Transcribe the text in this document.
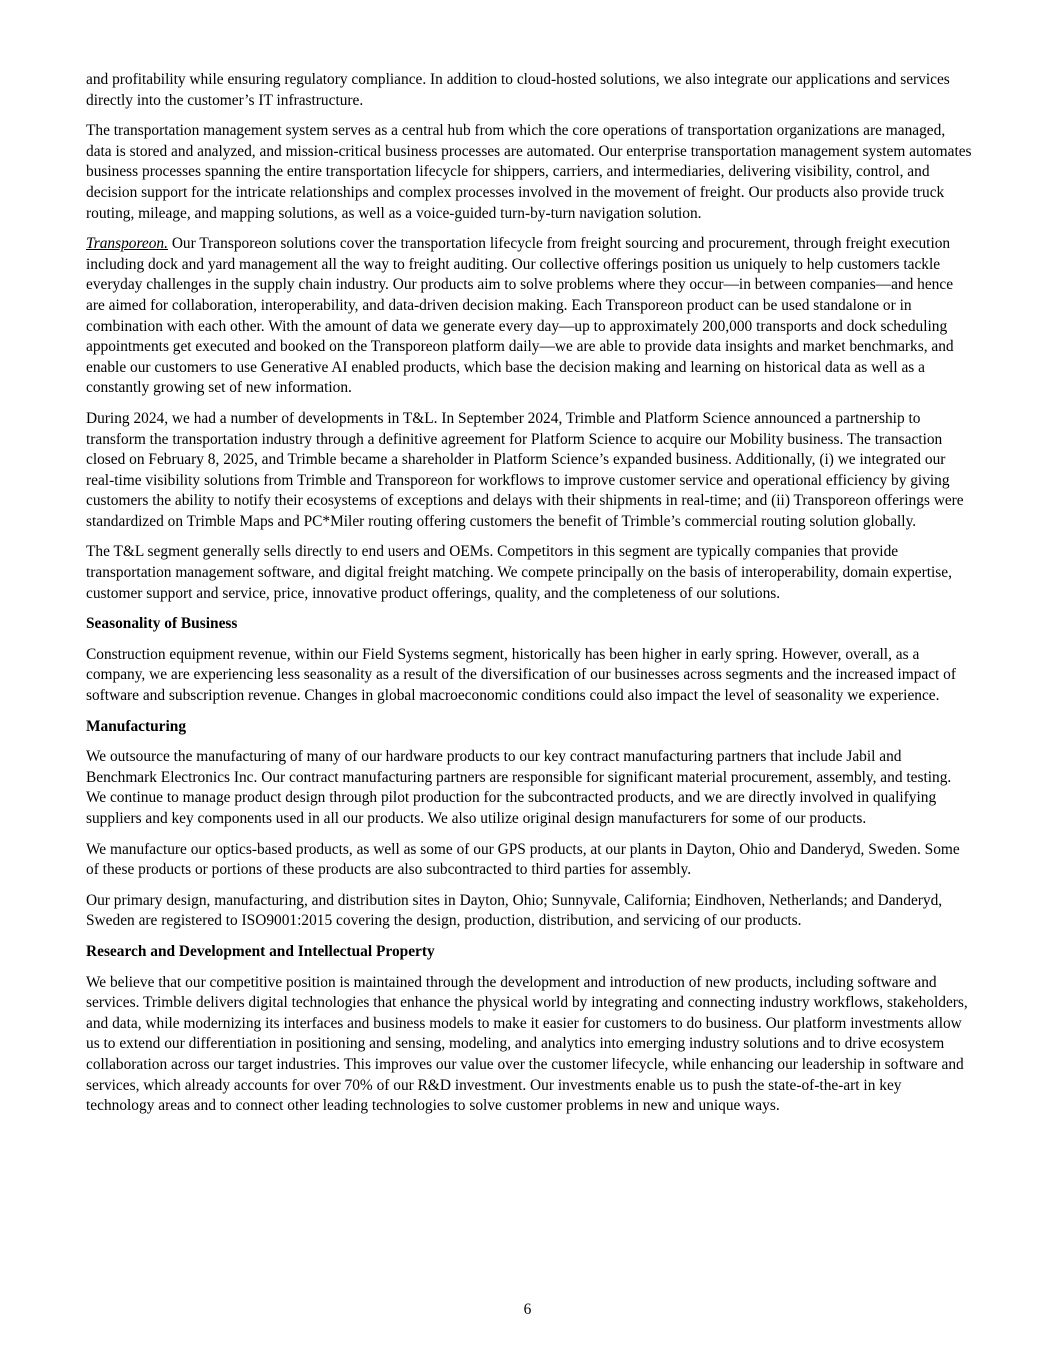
and profitability while ensuring regulatory compliance. In addition to cloud-hosted solutions, we also integrate our applications and services directly into the customer’s IT infrastructure.

The transportation management system serves as a central hub from which the core operations of transportation organizations are managed, data is stored and analyzed, and mission-critical business processes are automated. Our enterprise transportation management system automates business processes spanning the entire transportation lifecycle for shippers, carriers, and intermediaries, delivering visibility, control, and decision support for the intricate relationships and complex processes involved in the movement of freight. Our products also provide truck routing, mileage, and mapping solutions, as well as a voice-guided turn-by-turn navigation solution.

Transporeon. Our Transporeon solutions cover the transportation lifecycle from freight sourcing and procurement, through freight execution including dock and yard management all the way to freight auditing. Our collective offerings position us uniquely to help customers tackle everyday challenges in the supply chain industry. Our products aim to solve problems where they occur—in between companies—and hence are aimed for collaboration, interoperability, and data-driven decision making. Each Transporeon product can be used standalone or in combination with each other. With the amount of data we generate every day—up to approximately 200,000 transports and dock scheduling appointments get executed and booked on the Transporeon platform daily—we are able to provide data insights and market benchmarks, and enable our customers to use Generative AI enabled products, which base the decision making and learning on historical data as well as a constantly growing set of new information.

During 2024, we had a number of developments in T&L. In September 2024, Trimble and Platform Science announced a partnership to transform the transportation industry through a definitive agreement for Platform Science to acquire our Mobility business. The transaction closed on February 8, 2025, and Trimble became a shareholder in Platform Science’s expanded business. Additionally, (i) we integrated our real-time visibility solutions from Trimble and Transporeon for workflows to improve customer service and operational efficiency by giving customers the ability to notify their ecosystems of exceptions and delays with their shipments in real-time; and (ii) Transporeon offerings were standardized on Trimble Maps and PC*Miler routing offering customers the benefit of Trimble’s commercial routing solution globally.

The T&L segment generally sells directly to end users and OEMs. Competitors in this segment are typically companies that provide transportation management software, and digital freight matching. We compete principally on the basis of interoperability, domain expertise, customer support and service, price, innovative product offerings, quality, and the completeness of our solutions.

Seasonality of Business

Construction equipment revenue, within our Field Systems segment, historically has been higher in early spring. However, overall, as a company, we are experiencing less seasonality as a result of the diversification of our businesses across segments and the increased impact of software and subscription revenue. Changes in global macroeconomic conditions could also impact the level of seasonality we experience.

Manufacturing

We outsource the manufacturing of many of our hardware products to our key contract manufacturing partners that include Jabil and Benchmark Electronics Inc. Our contract manufacturing partners are responsible for significant material procurement, assembly, and testing. We continue to manage product design through pilot production for the subcontracted products, and we are directly involved in qualifying suppliers and key components used in all our products. We also utilize original design manufacturers for some of our products.

We manufacture our optics-based products, as well as some of our GPS products, at our plants in Dayton, Ohio and Danderyd, Sweden. Some of these products or portions of these products are also subcontracted to third parties for assembly.

Our primary design, manufacturing, and distribution sites in Dayton, Ohio; Sunnyvale, California; Eindhoven, Netherlands; and Danderyd, Sweden are registered to ISO9001:2015 covering the design, production, distribution, and servicing of our products.

Research and Development and Intellectual Property

We believe that our competitive position is maintained through the development and introduction of new products, including software and services. Trimble delivers digital technologies that enhance the physical world by integrating and connecting industry workflows, stakeholders, and data, while modernizing its interfaces and business models to make it easier for customers to do business. Our platform investments allow us to extend our differentiation in positioning and sensing, modeling, and analytics into emerging industry solutions and to drive ecosystem collaboration across our target industries. This improves our value over the customer lifecycle, while enhancing our leadership in software and services, which already accounts for over 70% of our R&D investment. Our investments enable us to push the state-of-the-art in key technology areas and to connect other leading technologies to solve customer problems in new and unique ways.

6
